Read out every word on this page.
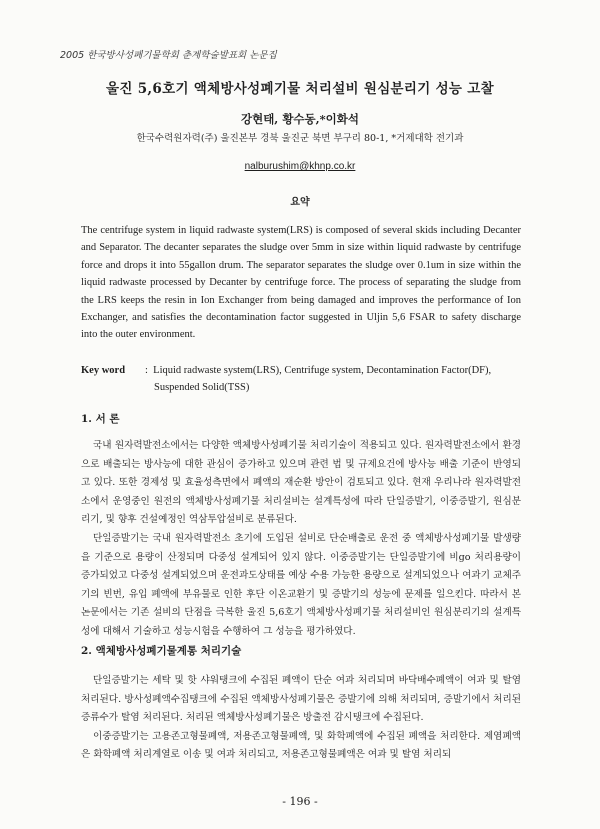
2005 한국방사성폐기물학회 춘계학술발표회 논문집
울진 5,6호기 액체방사성폐기물 처리설비 원심분리기 성능 고찰
강현태, 황수동,*이화석
한국수력원자력(주) 울진본부 경북 울진군 북면 부구리 80-1, *거제대학 전기과
nalburushim@khnp.co.kr
요약
The centrifuge system in liquid radwaste system(LRS) is composed of several skids including Decanter and Separator. The decanter separates the sludge over 5mm in size within liquid radwaste by centrifuge force and drops it into 55gallon drum. The separator separates the sludge over 0.1um in size within the liquid radwaste processed by Decanter by centrifuge force. The process of separating the sludge from the LRS keeps the resin in Ion Exchanger from being damaged and improves the performance of Ion Exchanger, and satisfies the decontamination factor suggested in Uljin 5,6 FSAR to safety discharge into the outer environment.
Key word : Liquid radwaste system(LRS), Centrifuge system, Decontamination Factor(DF),
Suspended Solid(TSS)
1. 서 론

국내 원자력발전소에서는 다양한 액체방사성폐기물 처리기술이 적용되고 있다. 원자력발전소에서 환경으로 배출되는 방사능에 대한 관심이 증가하고 있으며 관련 법 및 규제요건에 방사능 배출 기준이 반영되고 있다. 또한 경제성 및 효율성측면에서 폐액의 재순환 방안이 검토되고 있다. 현재 우리나라 원자력발전소에서 운영중인 원전의 액체방사성폐기물 처리설비는 설계특성에 따라 단일증발기, 이중증발기, 원심분리기, 및 향후 건설예정인 역삼투압설비로 분류된다.

단일증발기는 국내 원자력발전소 초기에 도입된 설비로 단순배출로 운전 중 액체방사성폐기물 발생량을 기준으로 용량이 산정되며 다중성 설계되어 있지 않다. 이중증발기는 단일증발기에 비go 처리용량이 증가되었고 다중성 설계되었으며 운전과도상태를 예상 수용 가능한 용량으로 설계되었으나 여과기 교체주기의 빈번, 유입 폐액에 부유물로 인한 후단 이온교환기 및 증발기의 성능에 문제를 일으킨다. 따라서 본 논문에서는 기존 설비의 단점을 극복한 울진 5,6호기 액체방사성폐기물 처리설비인 원심분리기의 설계특성에 대해서 기술하고 성능시험을 수행하여 그 성능을 평가하였다.

2. 액체방사성폐기물계통 처리기술

단일증발기는 세탁 및 핫 샤워탱크에 수집된 폐액이 단순 여과 처리되며 바닥배수폐액이 여과 및 탈염 처리된다. 방사성폐액수집탱크에 수집된 액체방사성폐기물은 증발기에 의해 처리되며, 증발기에서 처리된 증류수가 탈염 처리된다. 처리된 액체방사성폐기물은 방출전 감시탱크에 수집된다.

이중증발기는 고용존고형물폐액, 저용존고형물폐액, 및 화학폐액에 수집된 폐액을 처리한다. 제염폐액은 화학폐액 처리계열로 이송 및 여과 처리되고, 저용존고형물폐액은 여과 및 탈염 처리되

- 196 -
